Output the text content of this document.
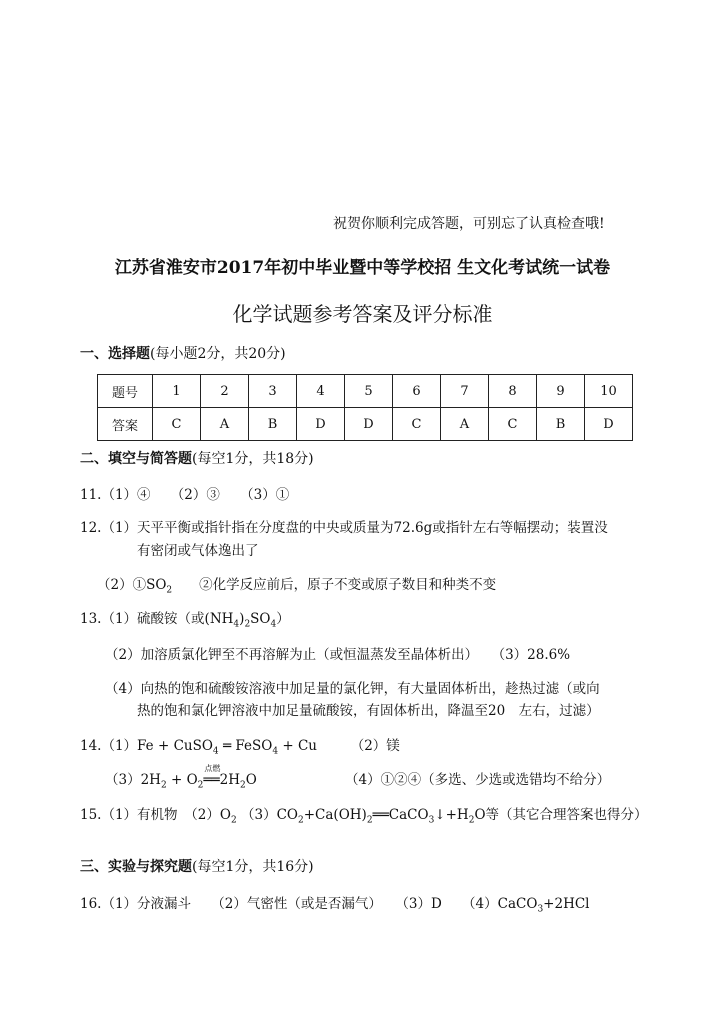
祝贺你顺利完成答题，可别忘了认真检查哦!
江苏省淮安市2017年初中毕业暨中等学校招 生文化考试统一试卷
化学试题参考答案及评分标准
一、选择题(每小题2分，共20分)
题号	1	2	3	4	5	6	7	8	9	10
答案	C	A	B	D	D	C	A	C	B	D
二、填空与简答题(每空1分，共18分)
11.（1）④　　（2）③　　（3）①
12.（1）天平平衡或指针指在分度盘的中央或质量为72.6g或指针左右等幅摆动；装置没
有密闭或气体逸出了
$(2)①SO_2$　　②化学反应前后，原子不变或原子数目和种类不变
13.（1）硫酸铵（或$(NH_4)_2SO_4$）
（2）加溶质氯化钾至不再溶解为止（或恒温蒸发至晶体析出）　　（3）28.6%
（4）向热的饱和硫酸铵溶液中加足量的氯化钾，有大量固体析出，趁热过滤（或向
热的饱和氯化钾溶液中加足量硫酸铵，有固体析出，降温至20　左右，过滤）
14.（1）Fe + CuSO$_4$ ═ FeSO$_4$ + Cu　　　（2）镁
$(3)2H_2 + O_2$
点燃
$══2H_2O$	（4）①②④（多选、少选或选错均不给分）
15.（1）有机物　$(2)O_2$ $(3)CO_2+Ca(OH)_2══CaCO_3↓+H_2O$等（其它合理答案也得分）
三、实验与探究题(每空1分，共16分)
16.（1）分液漏斗　　（2）气密性（或是否漏气）　　（3）D　　（4）CaCO$_3$+2HCl
